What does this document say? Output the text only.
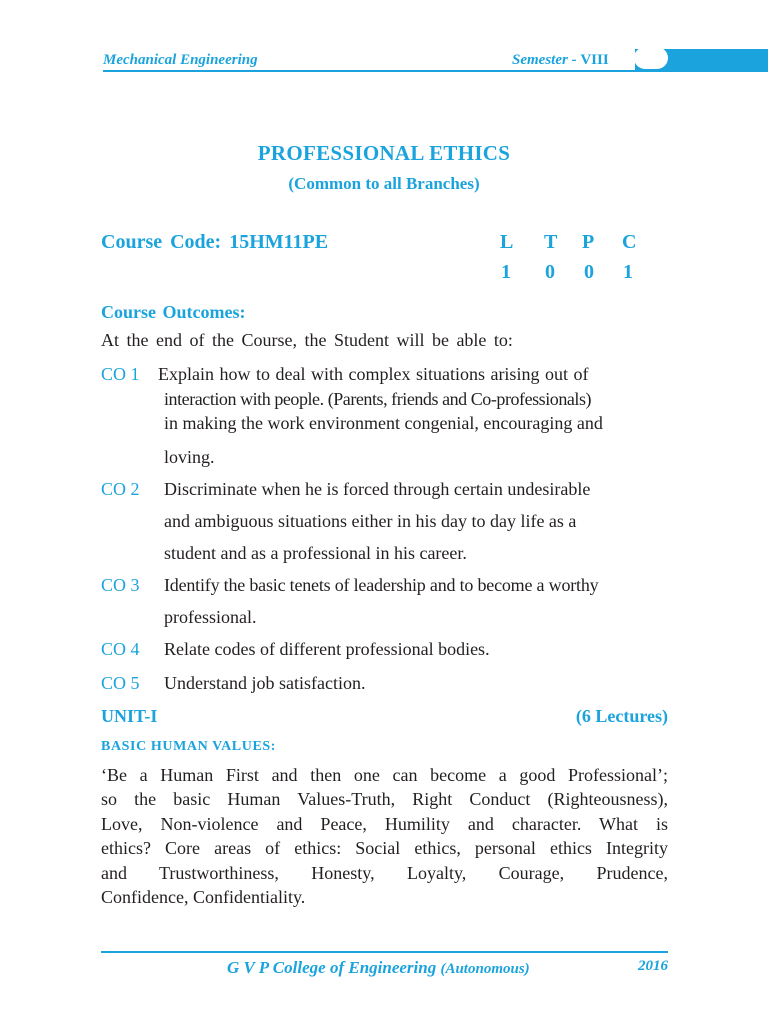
Mechanical Engineering	Semester - VIII
PROFESSIONAL ETHICS
(Common to all Branches)
Course Code: 15HM11PE	L	T	P	C
1	0	0	1
Course Outcomes:
At the end of the Course, the Student will be able to:
CO 1 Explain how to deal with complex situations arising out of
interaction with people. (Parents, friends and Co-professionals)
in making the work environment congenial, encouraging and
loving.
CO 2 Discriminate when he is forced through certain undesirable
and ambiguous situations either in his day to day life as a
student and as a professional in his career.
CO 3 Identify the basic tenets of leadership and to become a worthy
professional.
CO 4 Relate codes of different professional bodies.
CO 5 Understand job satisfaction.
UNIT-I	(6 Lectures)
BASIC HUMAN VALUES:
‘Be a Human First and then one can become a good Professional’;
so the basic Human Values-Truth, Right Conduct (Righteousness),
Love, Non-violence and Peace, Humility and character. What is
ethics? Core areas of ethics: Social ethics, personal ethics Integrity
and Trustworthiness, Honesty, Loyalty, Courage, Prudence,
Confidence, Confidentiality.
G V P College of Engineering (Autonomous)	2016
